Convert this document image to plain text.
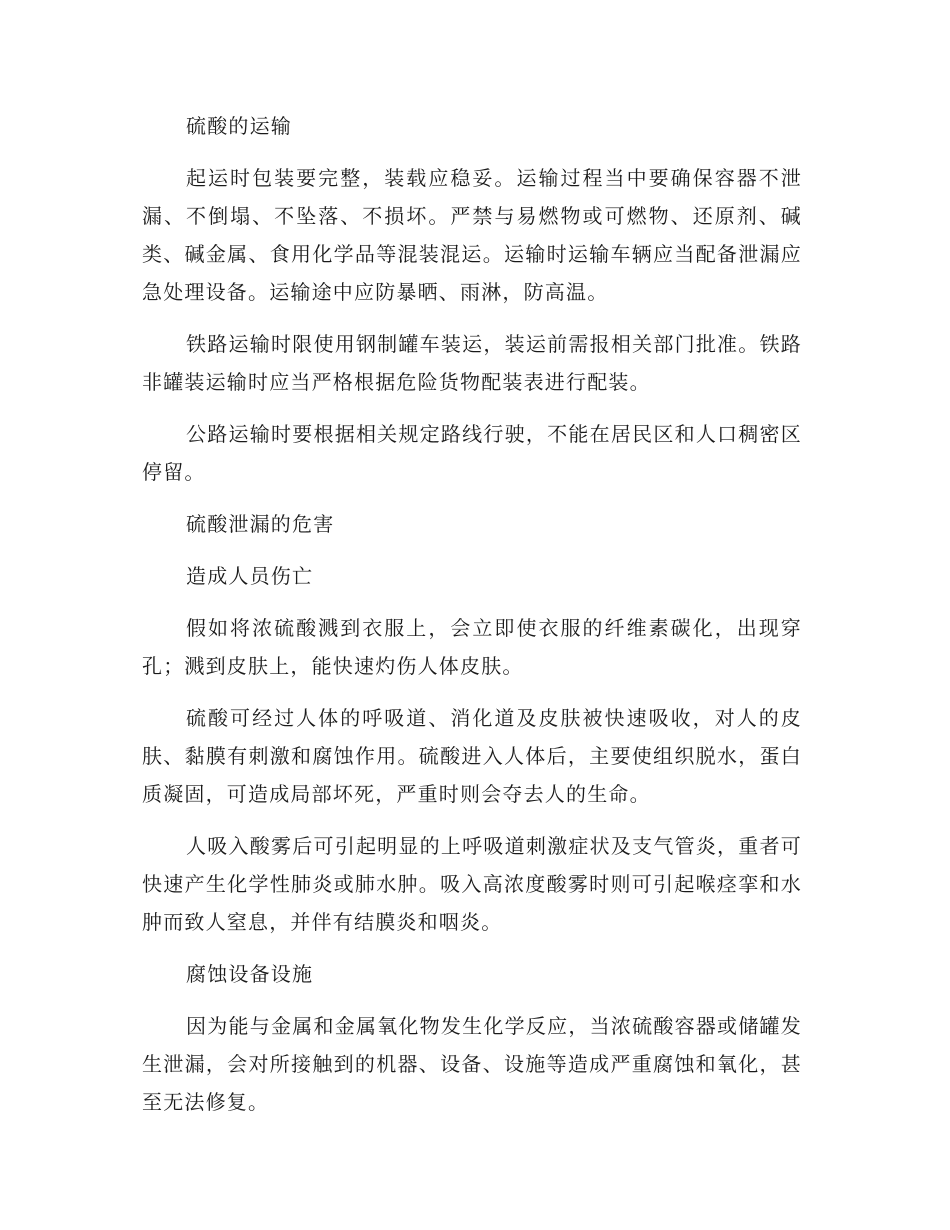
硫酸的运输

起运时包装要完整，装载应稳妥。运输过程当中要确保容器不泄漏、不倒塌、不坠落、不损坏。严禁与易燃物或可燃物、还原剂、碱类、碱金属、食用化学品等混装混运。运输时运输车辆应当配备泄漏应急处理设备。运输途中应防暴晒、雨淋，防高温。

铁路运输时限使用钢制罐车装运，装运前需报相关部门批准。铁路非罐装运输时应当严格根据危险货物配装表进行配装。

公路运输时要根据相关规定路线行驶，不能在居民区和人口稠密区停留。

硫酸泄漏的危害

造成人员伤亡

假如将浓硫酸溅到衣服上，会立即使衣服的纤维素碳化，出现穿孔；溅到皮肤上，能快速灼伤人体皮肤。

硫酸可经过人体的呼吸道、消化道及皮肤被快速吸收，对人的皮肤、黏膜有刺激和腐蚀作用。硫酸进入人体后，主要使组织脱水，蛋白质凝固，可造成局部坏死，严重时则会夺去人的生命。

人吸入酸雾后可引起明显的上呼吸道刺激症状及支气管炎，重者可快速产生化学性肺炎或肺水肿。吸入高浓度酸雾时则可引起喉痉挛和水肿而致人窒息，并伴有结膜炎和咽炎。

腐蚀设备设施

因为能与金属和金属氧化物发生化学反应，当浓硫酸容器或储罐发生泄漏，会对所接触到的机器、设备、设施等造成严重腐蚀和氧化，甚至无法修复。
